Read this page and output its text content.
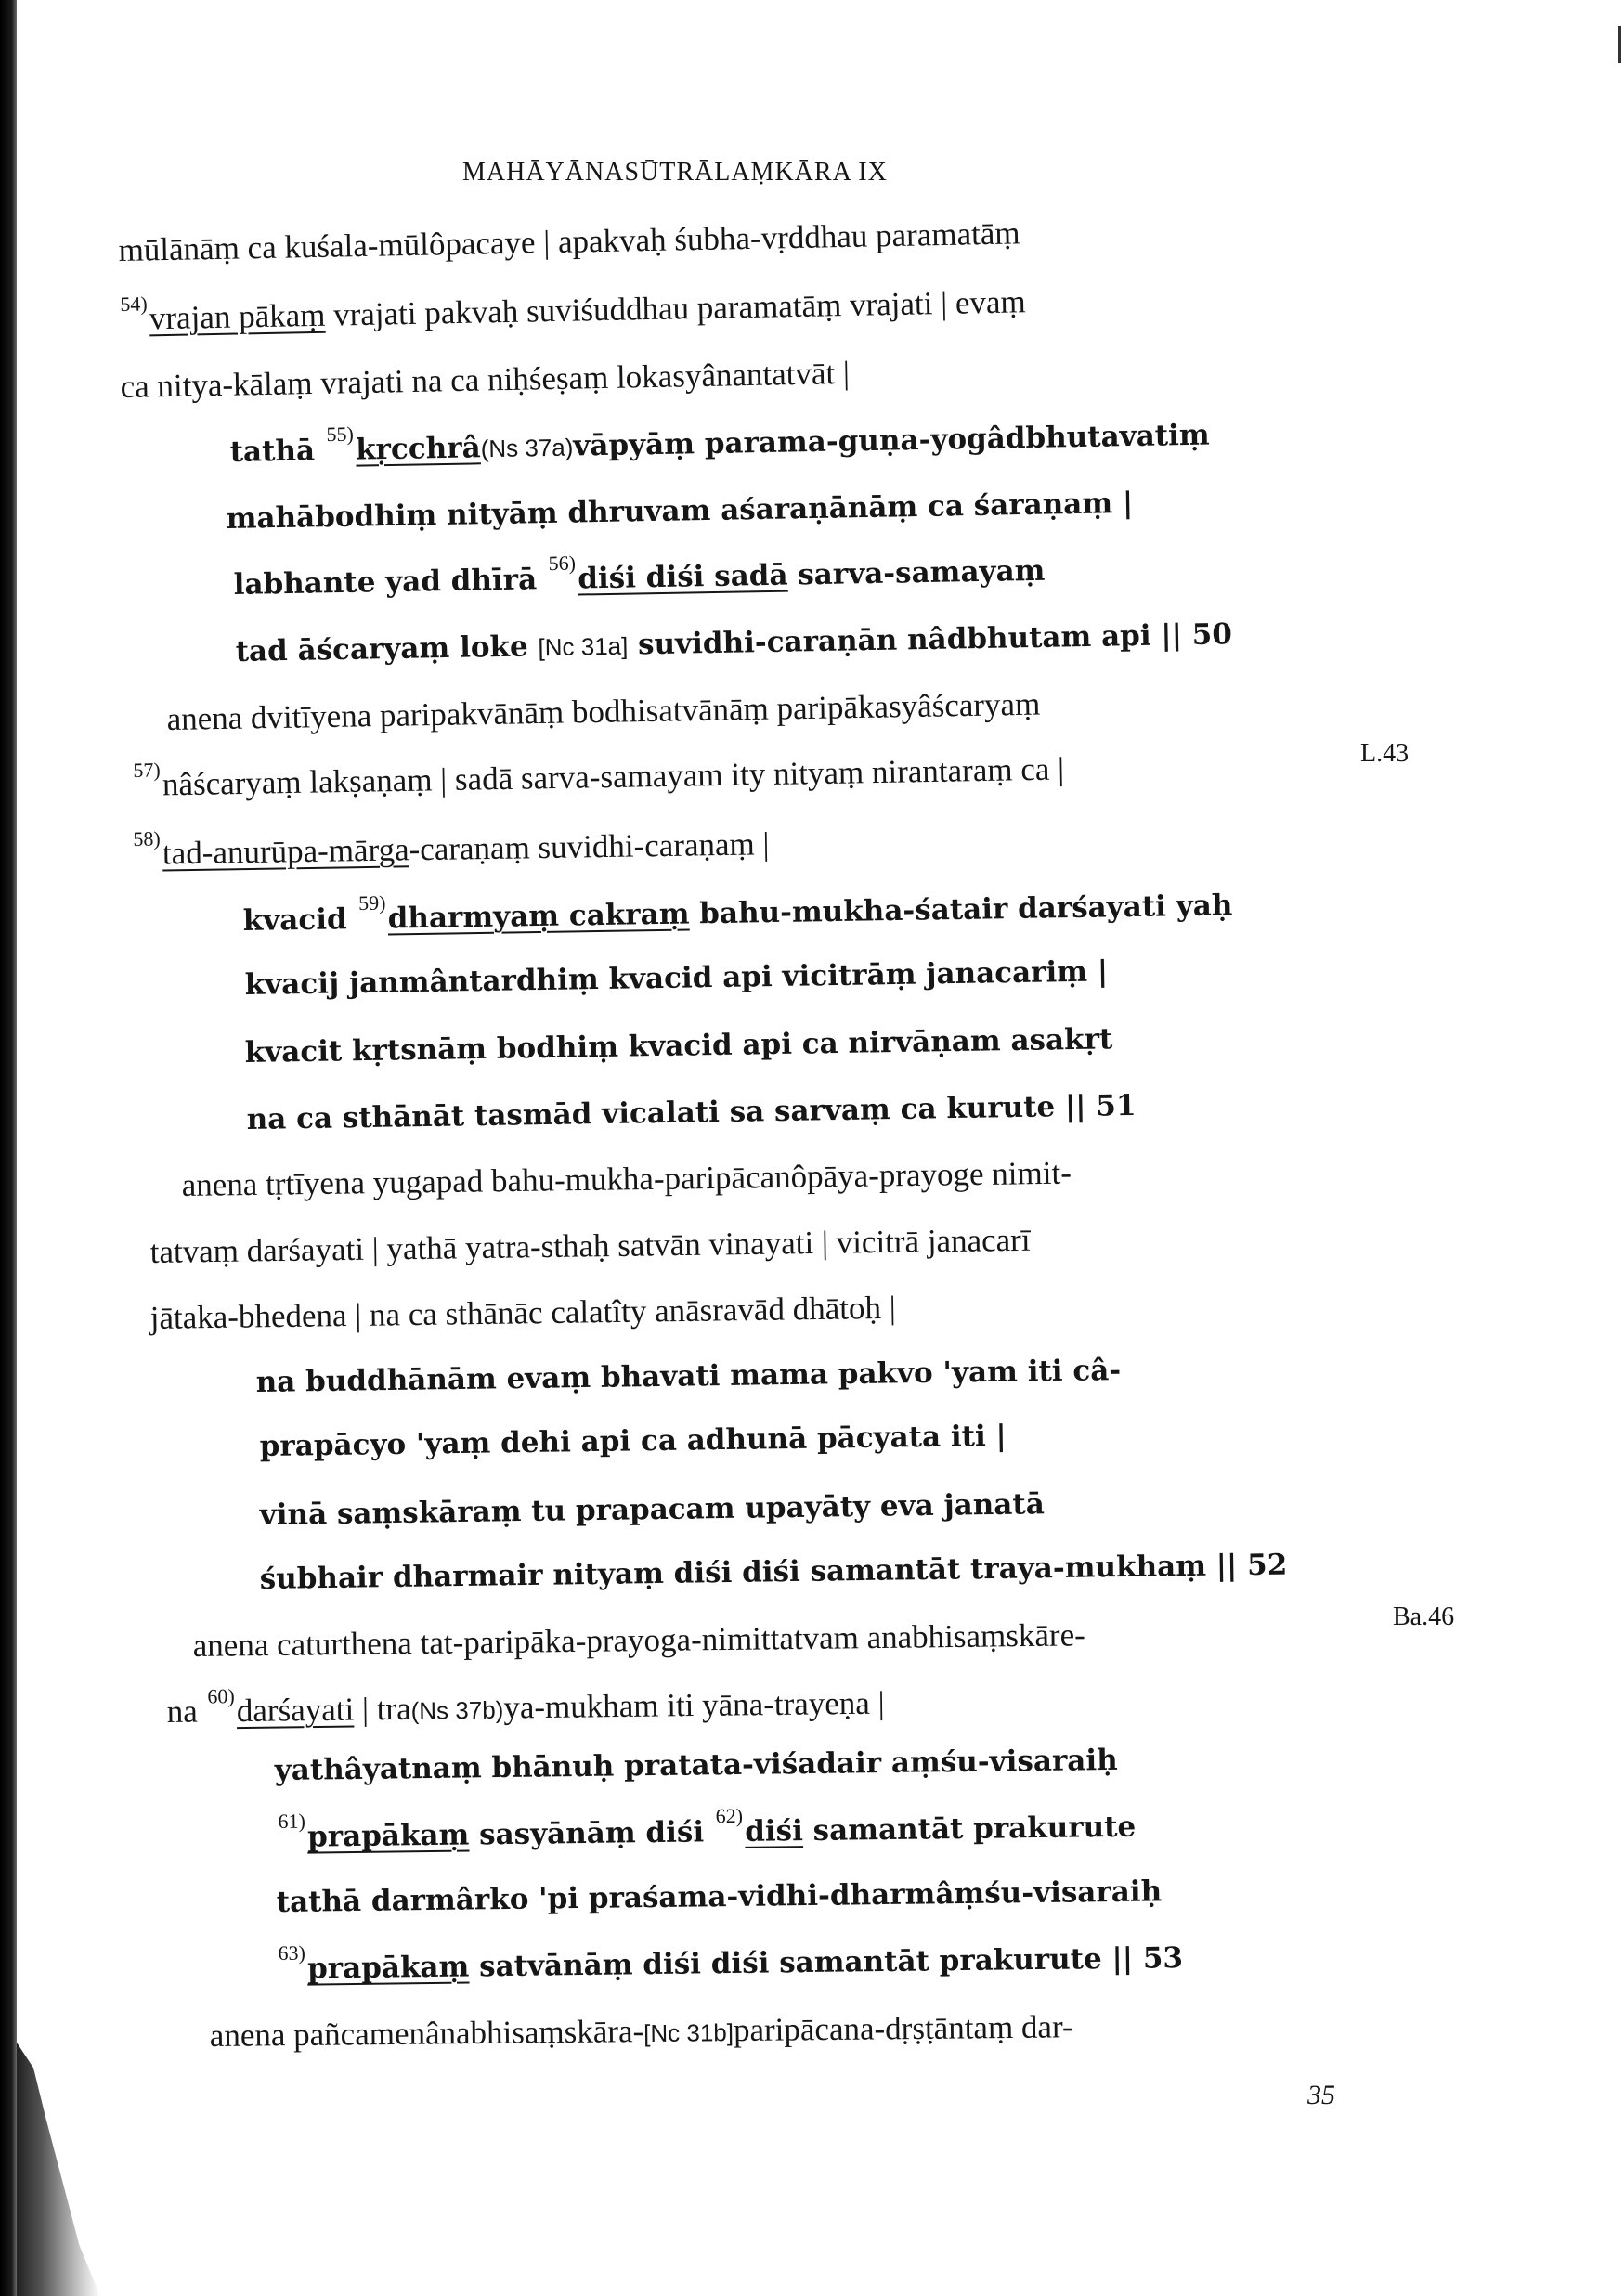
MAHĀYĀNASŪTRĀLAṂKĀRA IX
mūlānāṃ ca kuśala-mūlôpacaye | apakvaḥ śubha-vṛddhau paramatāṃ
$^{54)}$vrajan pākaṃ vrajati pakvaḥ suviśuddhau paramatāṃ vrajati | evaṃ
ca nitya-kālaṃ vrajati na ca niḥśeṣaṃ lokasyânantatvāt |
tathā $^{55)}$kṛcchrâ(Ns 37a)vāpyāṃ parama-guṇa-yogâdbhutavatiṃ
mahābodhiṃ nityāṃ dhruvam aśaraṇānāṃ ca śaraṇaṃ |
labhante yad dhīrā $^{56)}$diśi diśi sadā sarva-samayaṃ
tad āścaryaṃ loke [Nc 31a] suvidhi-caraṇān nâdbhutam api || 50
anena dvitīyena paripakvānāṃ bodhisatvānāṃ paripākasyâścaryaṃ
$^{57)}$nâścaryaṃ lakṣaṇaṃ | sadā sarva-samayam ity nityaṃ nirantaraṃ ca |
$^{58)}$tad-anurūpa-mārga-caraṇaṃ suvidhi-caraṇaṃ |
kvacid $^{59)}$dharmyaṃ cakraṃ bahu-mukha-śatair darśayati yaḥ
kvacij janmântardhiṃ kvacid api vicitrāṃ janacariṃ |
kvacit kṛtsnāṃ bodhiṃ kvacid api ca nirvāṇam asakṛt
na ca sthānāt tasmād vicalati sa sarvaṃ ca kurute || 51
anena tṛtīyena yugapad bahu-mukha-paripācanôpāya-prayoge nimit-
tatvaṃ darśayati | yathā yatra-sthaḥ satvān vinayati | vicitrā janacarī
jātaka-bhedena | na ca sthānāc calatîty anāsravād dhātoḥ |
na buddhānām evaṃ bhavati mama pakvo 'yam iti câ-
prapācyo 'yaṃ dehi api ca adhunā pācyata iti |
vinā saṃskāraṃ tu prapacam upayāty eva janatā
śubhair dharmair nityaṃ diśi diśi samantāt traya-mukhaṃ || 52
anena caturthena tat-paripāka-prayoga-nimittatvam anabhisaṃskāre-
na $^{60)}$darśayati | tra(Ns 37b)ya-mukham iti yāna-trayeṇa |
yathâyatnaṃ bhānuḥ pratata-viśadair aṃśu-visaraiḥ
$^{61)}$prapākaṃ sasyānāṃ diśi $^{62)}$diśi samantāt prakurute
tathā darmârko 'pi praśama-vidhi-dharmâṃśu-visaraiḥ
$^{63)}$prapākaṃ satvānāṃ diśi diśi samantāt prakurute || 53
anena pañcamenânabhisaṃskāra-[Nc 31b]paripācana-dṛṣṭāntaṃ dar-
L.43
Ba.46
35
